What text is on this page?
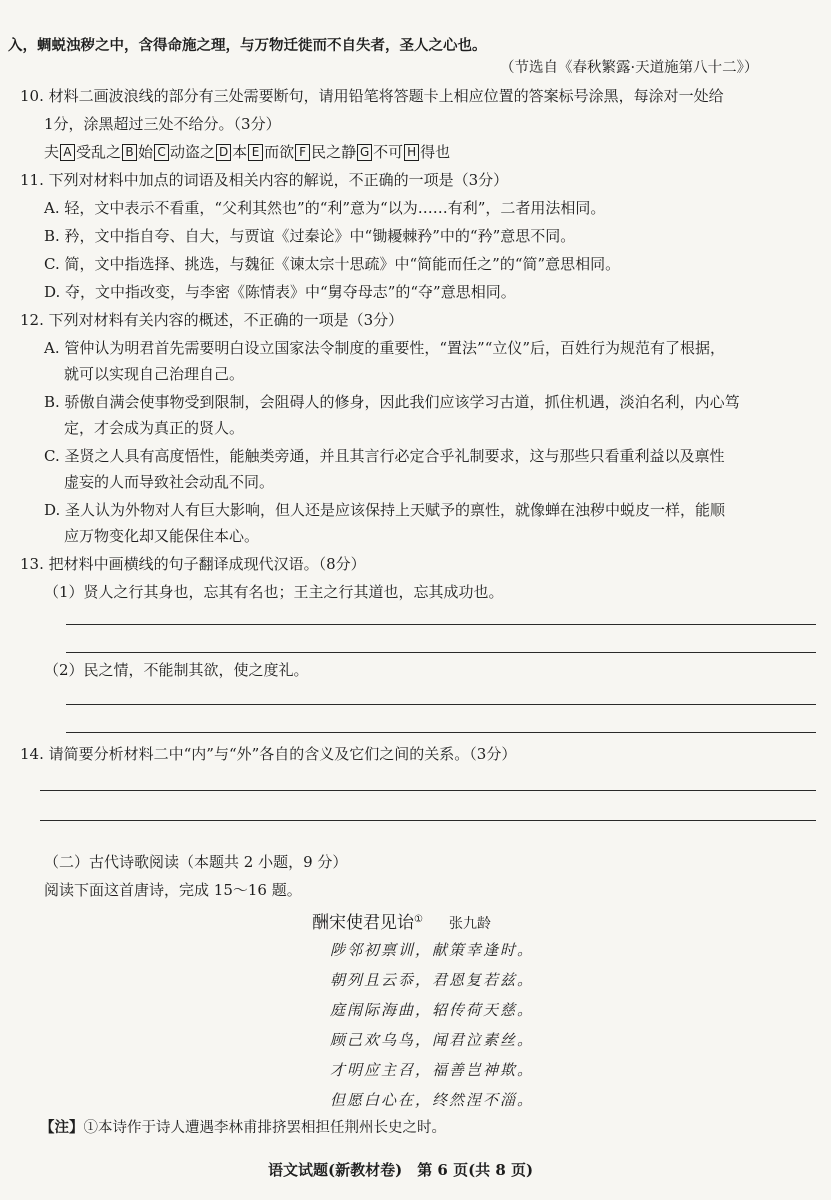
入，蜩蜕浊秽之中，含得命施之理，与万物迁徙而不自失者，圣人之心也。
（节选自《春秋繁露·天道施第八十二》）
10. 材料二画波浪线的部分有三处需要断句，请用铅笔将答题卡上相应位置的答案标号涂黑，每涂对一处给
1分，涂黑超过三处不给分。（3分）
夫 A 受乱之 B 始 C 动盗之 D 本 E 而欲 F 民之静 G 不可 H 得也
11. 下列对材料中加点的词语及相关内容的解说，不正确的一项是（3分）
A. 轻，文中表示不看重，“父利其然也”的“利”意为“以为……有利”，二者用法相同。
B. 矜，文中指自夸、自大，与贾谊《过秦论》中“锄耰棘矜”中的“矜”意思不同。
C. 简，文中指选择、挑选，与魏征《谏太宗十思疏》中“简能而任之”的“简”意思相同。
D. 夺，文中指改变，与李密《陈情表》中“舅夺母志”的“夺”意思相同。
12. 下列对材料有关内容的概述，不正确的一项是（3分）
A. 管仲认为明君首先需要明白设立国家法令制度的重要性，“置法”“立仪”后，百姓行为规范有了根据，
就可以实现自己治理自己。
B. 骄傲自满会使事物受到限制，会阻碍人的修身，因此我们应该学习古道，抓住机遇，淡泊名利，内心笃
定，才会成为真正的贤人。
C. 圣贤之人具有高度悟性，能触类旁通，并且其言行必定合乎礼制要求，这与那些只看重利益以及禀性
虚妄的人而导致社会动乱不同。
D. 圣人认为外物对人有巨大影响，但人还是应该保持上天赋予的禀性，就像蝉在浊秽中蜕皮一样，能顺
应万物变化却又能保住本心。
13. 把材料中画横线的句子翻译成现代汉语。（8分）
（1）贤人之行其身也，忘其有名也；王主之行其道也，忘其成功也。
（2）民之情，不能制其欲，使之度礼。
14. 请简要分析材料二中“内”与“外”各自的含义及它们之间的关系。（3分）
（二）古代诗歌阅读（本题共 2 小题，9 分）
阅读下面这首唐诗，完成 15～16 题。
酬宋使君见诒① 张九龄
陟邻初禀训，献策幸逢时。
朝列且云忝，君恩复若兹。
庭闱际海曲，轺传荷天慈。
顾己欢乌鸟，闻君泣素丝。
才明应主召，福善岂神欺。
但愿白心在，终然涅不淄。
【注】①本诗作于诗人遭遇李林甫排挤罢相担任荆州长史之时。
语文试题(新教材卷)　第 6 页(共 8 页)
